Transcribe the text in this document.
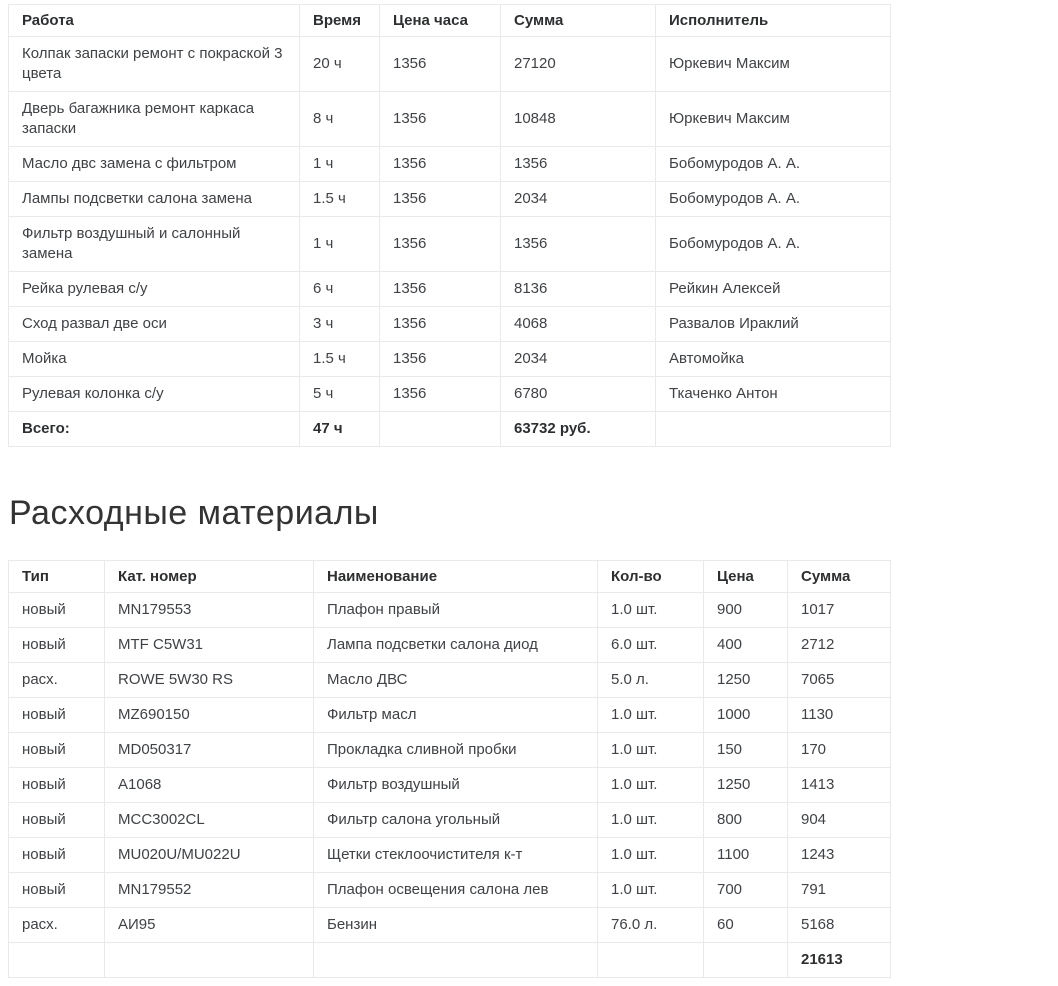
Работа	Время	Цена часа	Сумма	Исполнитель
Колпак запаски ремонт с покраской 3 цвета	20 ч	1356	27120	Юркевич Максим
Дверь багажника ремонт каркаса запаски	8 ч	1356	10848	Юркевич Максим
Масло двс замена с фильтром	1 ч	1356	1356	Бобомуродов А. А.
Лампы подсветки салона замена	1.5 ч	1356	2034	Бобомуродов А. А.
Фильтр воздушный и салонный замена	1 ч	1356	1356	Бобомуродов А. А.
Рейка рулевая с/у	6 ч	1356	8136	Рейкин Алексей
Сход развал две оси	3 ч	1356	4068	Развалов Ираклий
Мойка	1.5 ч	1356	2034	Автомойка
Рулевая колонка с/у	5 ч	1356	6780	Ткаченко Антон
Всего:	47 ч		63732 руб.	
Расходные материалы
Тип	Кат. номер	Наименование	Кол-во	Цена	Сумма
новый	MN179553	Плафон правый	1.0 шт.	900	1017
новый	MTF C5W31	Лампа подсветки салона диод	6.0 шт.	400	2712
расх.	ROWE 5W30 RS	Масло ДВС	5.0 л.	1250	7065
новый	MZ690150	Фильтр масл	1.0 шт.	1000	1130
новый	MD050317	Прокладка сливной пробки	1.0 шт.	150	170
новый	A1068	Фильтр воздушный	1.0 шт.	1250	1413
новый	MCC3002CL	Фильтр салона угольный	1.0 шт.	800	904
новый	MU020U/MU022U	Щетки стеклоочистителя к-т	1.0 шт.	1100	1243
новый	MN179552	Плафон освещения салона лев	1.0 шт.	700	791
расх.	АИ95	Бензин	76.0 л.	60	5168
					21613
